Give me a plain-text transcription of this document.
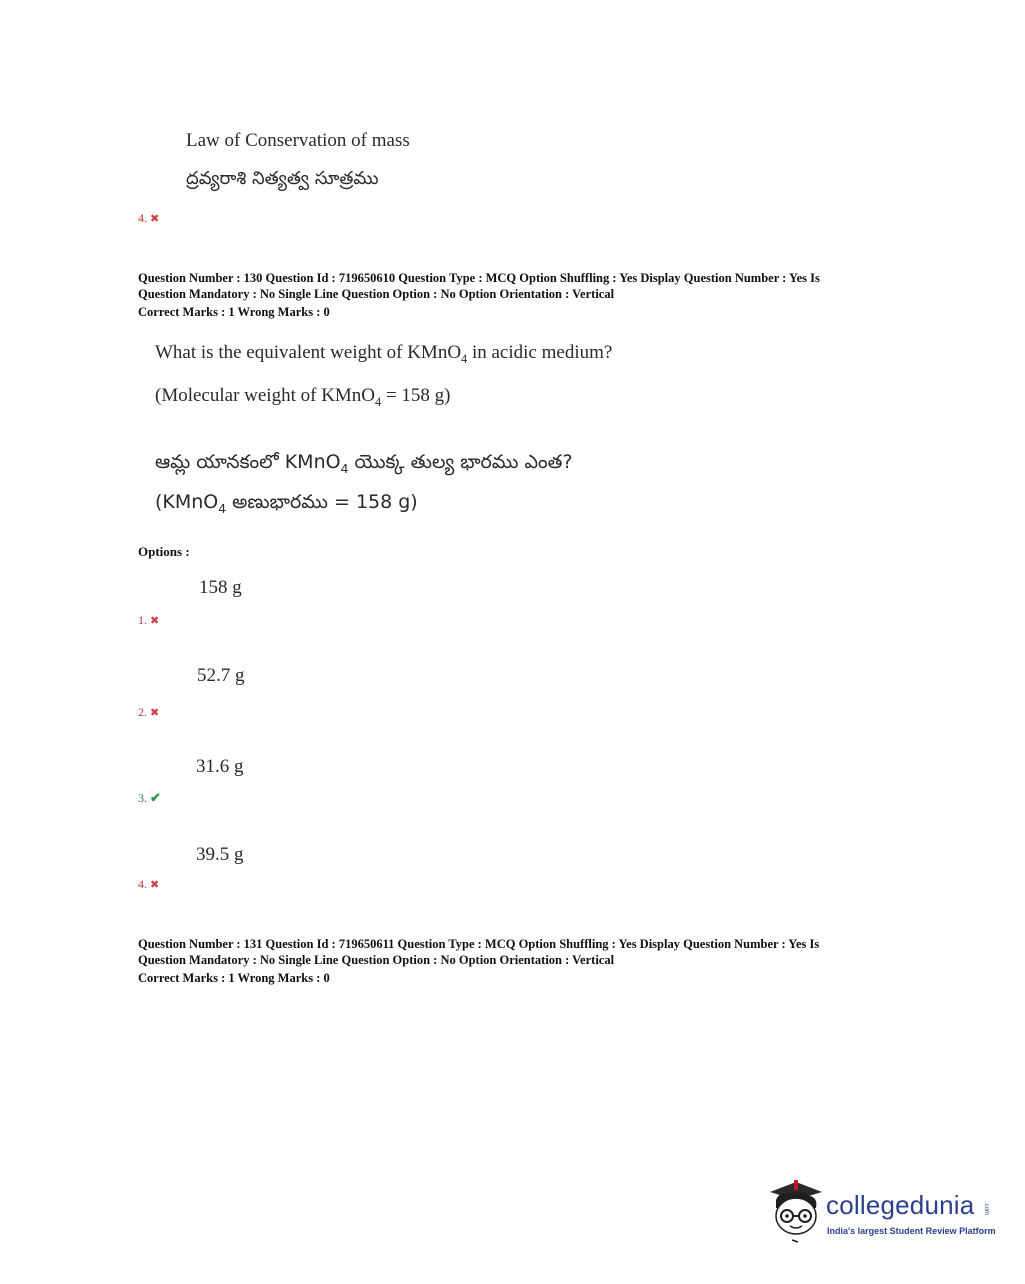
Law of Conservation of mass
ద్రవ్యరాశి నిత్యత్వ సూత్రము
4. ✖
Question Number : 130 Question Id : 719650610 Question Type : MCQ Option Shuffling : Yes Display Question Number : Yes Is
Question Mandatory : No Single Line Question Option : No Option Orientation : Vertical
Correct Marks : 1 Wrong Marks : 0
What is the equivalent weight of KMnO$_4$ in acidic medium?
(Molecular weight of KMnO$_4$ = 158 g)
ఆమ్ల యానకంలో KMnO$_4$ యొక్క తుల్య భారము ఎంత?
(KMnO$_4$ అణుభారము = 158 g)
Options :
158 g
1. ✖
52.7 g
2. ✖
31.6 g
3. ✔
39.5 g
4. ✖
Question Number : 131 Question Id : 719650611 Question Type : MCQ Option Shuffling : Yes Display Question Number : Yes Is
Question Mandatory : No Single Line Question Option : No Option Orientation : Vertical
Correct Marks : 1 Wrong Marks : 0
collegedunia .com
India's largest Student Review Platform
